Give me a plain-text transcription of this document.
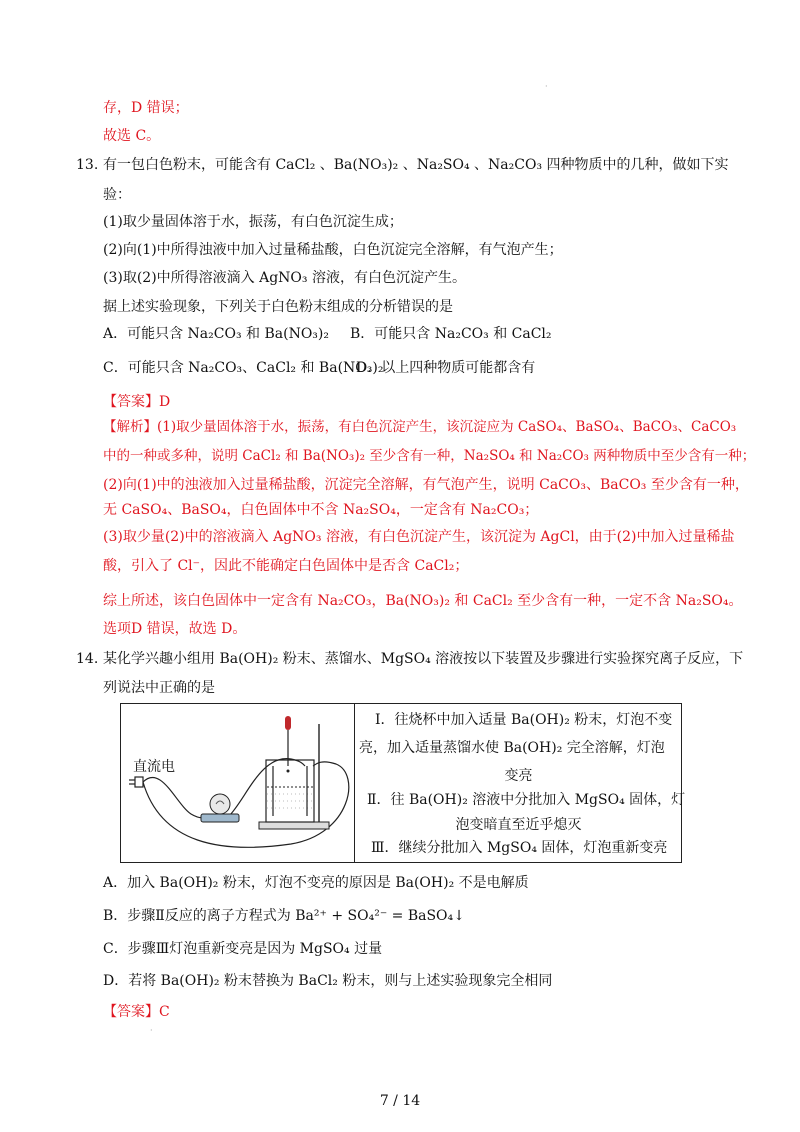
·
存，D 错误；
故选 C。
13. 有一包白色粉末，可能含有 CaCl₂ 、Ba(NO₃)₂ 、Na₂SO₄ 、Na₂CO₃ 四种物质中的几种，做如下实
验：
(1)取少量固体溶于水，振荡，有白色沉淀生成；
(2)向(1)中所得浊液中加入过量稀盐酸，白色沉淀完全溶解，有气泡产生；
(3)取(2)中所得溶液滴入 AgNO₃ 溶液，有白色沉淀产生。
据上述实验现象，下列关于白色粉末组成的分析错误的是
A．可能只含 Na₂CO₃ 和 Ba(NO₃)₂ B．可能只含 Na₂CO₃ 和 CaCl₂
C．可能只含 Na₂CO₃、CaCl₂ 和 Ba(NO₃)₂
D．以上四种物质可能都含有
【答案】D
【解析】(1)取少量固体溶于水，振荡，有白色沉淀产生，该沉淀应为 CaSO₄、BaSO₄、BaCO₃、CaCO₃
中的一种或多种，说明 CaCl₂ 和 Ba(NO₃)₂ 至少含有一种，Na₂SO₄ 和 Na₂CO₃ 两种物质中至少含有一种；
(2)向(1)中的浊液加入过量稀盐酸，沉淀完全溶解，有气泡产生，说明 CaCO₃、BaCO₃ 至少含有一种，
无 CaSO₄、BaSO₄，白色固体中不含 Na₂SO₄，一定含有 Na₂CO₃；
(3)取少量(2)中的溶液滴入 AgNO₃ 溶液，有白色沉淀产生，该沉淀为 AgCl，由于(2)中加入过量稀盐
酸，引入了 Cl⁻，因此不能确定白色固体中是否含 CaCl₂；
综上所述，该白色固体中一定含有 Na₂CO₃，Ba(NO₃)₂ 和 CaCl₂ 至少含有一种，一定不含 Na₂SO₄。
选项D 错误，故选 D。
14. 某化学兴趣小组用 Ba(OH)₂ 粉末、蒸馏水、MgSO₄ 溶液按以下装置及步骤进行实验探究离子反应，下
列说法中正确的是
直流电
Ⅰ．往烧杯中加入适量 Ba(OH)₂ 粉末，灯泡不变
亮，加入适量蒸馏水使 Ba(OH)₂ 完全溶解，灯泡
变亮
Ⅱ．往 Ba(OH)₂ 溶液中分批加入 MgSO₄ 固体，灯
泡变暗直至近乎熄灭
Ⅲ．继续分批加入 MgSO₄ 固体，灯泡重新变亮
A．加入 Ba(OH)₂ 粉末，灯泡不变亮的原因是 Ba(OH)₂ 不是电解质
B．步骤Ⅱ反应的离子方程式为 Ba²⁺ + SO₄²⁻ = BaSO₄↓
C．步骤Ⅲ灯泡重新变亮是因为 MgSO₄ 过量
D．若将 Ba(OH)₂ 粉末替换为 BaCl₂ 粉末，则与上述实验现象完全相同
【答案】C
·
7 / 14
